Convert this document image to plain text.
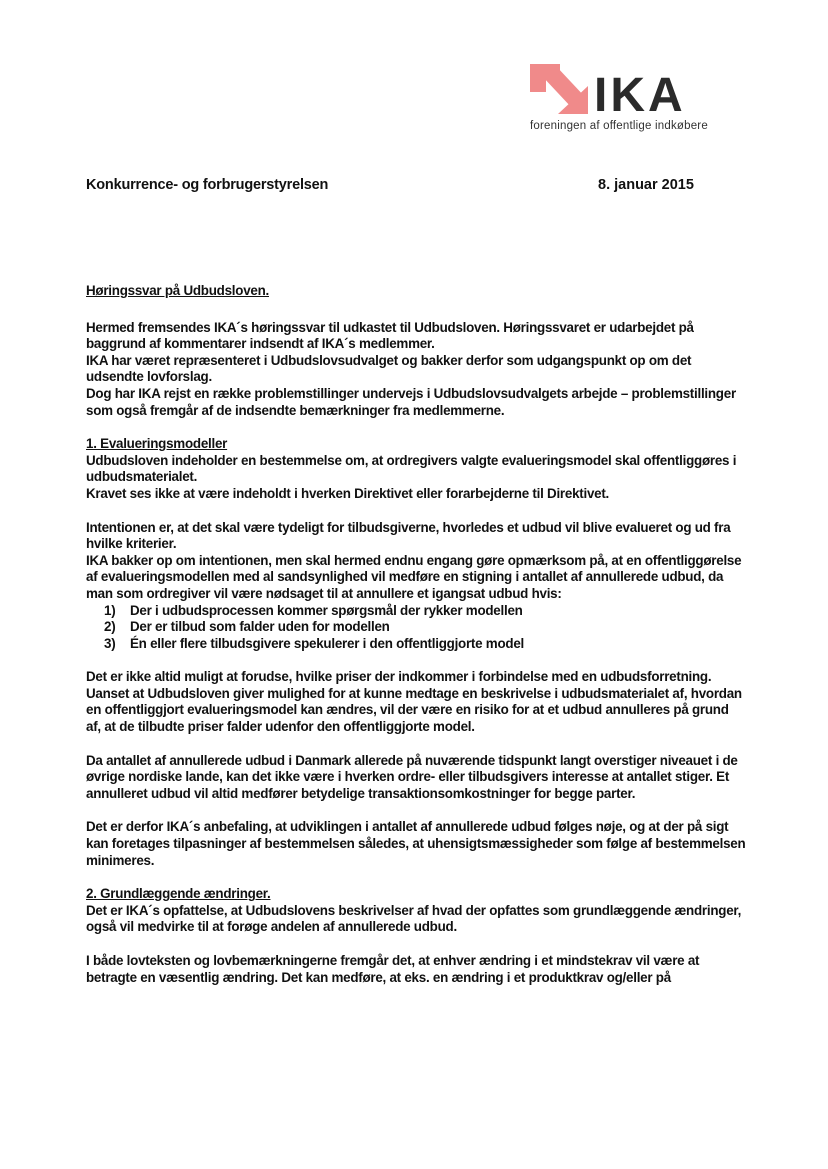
IKA
foreningen af offentlige indkøbere
Konkurrence- og forbrugerstyrelsen	8. januar 2015

Høringssvar på Udbudsloven.

Hermed fremsendes IKA´s høringssvar til udkastet til Udbudsloven. Høringssvaret er udarbejdet på baggrund af kommentarer indsendt af IKA´s medlemmer.

IKA har været repræsenteret i Udbudslovsudvalget og bakker derfor som udgangspunkt op om det udsendte lovforslag.

Dog har IKA rejst en række problemstillinger undervejs i Udbudslovsudvalgets arbejde – problemstillinger som også fremgår af de indsendte bemærkninger fra medlemmerne.

1. Evalueringsmodeller

Udbudsloven indeholder en bestemmelse om, at ordregivers valgte evalueringsmodel skal offentliggøres i udbudsmaterialet.

Kravet ses ikke at være indeholdt i hverken Direktivet eller forarbejderne til Direktivet.

Intentionen er, at det skal være tydeligt for tilbudsgiverne, hvorledes et udbud vil blive evalueret og ud fra hvilke kriterier.

IKA bakker op om intentionen, men skal hermed endnu engang gøre opmærksom på, at en offentliggørelse af evalueringsmodellen med al sandsynlighed vil medføre en stigning i antallet af annullerede udbud, da man som ordregiver vil være nødsaget til at annullere et igangsat udbud hvis:

1) Der i udbudsprocessen kommer spørgsmål der rykker modellen
2) Der er tilbud som falder uden for modellen
3) Én eller flere tilbudsgivere spekulerer i den offentliggjorte model

Det er ikke altid muligt at forudse, hvilke priser der indkommer i forbindelse med en udbudsforretning. Uanset at Udbudsloven giver mulighed for at kunne medtage en beskrivelse i udbudsmaterialet af, hvordan en offentliggjort evalueringsmodel kan ændres, vil der være en risiko for at et udbud annulleres på grund af, at de tilbudte priser falder udenfor den offentliggjorte model.

Da antallet af annullerede udbud i Danmark allerede på nuværende tidspunkt langt overstiger niveauet i de øvrige nordiske lande, kan det ikke være i hverken ordre- eller tilbudsgivers interesse at antallet stiger. Et annulleret udbud vil altid medfører betydelige transaktionsomkostninger for begge parter.

Det er derfor IKA´s anbefaling, at udviklingen i antallet af annullerede udbud følges nøje, og at der på sigt kan foretages tilpasninger af bestemmelsen således, at uhensigtsmæssigheder som følge af bestemmelsen minimeres.

2. Grundlæggende ændringer.

Det er IKA´s opfattelse, at Udbudslovens beskrivelser af hvad der opfattes som grundlæggende ændringer, også vil medvirke til at forøge andelen af annullerede udbud.

I både lovteksten og lovbemærkningerne fremgår det, at enhver ændring i et mindstekrav vil være at betragte en væsentlig ændring. Det kan medføre, at eks. en ændring i et produktkrav og/eller på
